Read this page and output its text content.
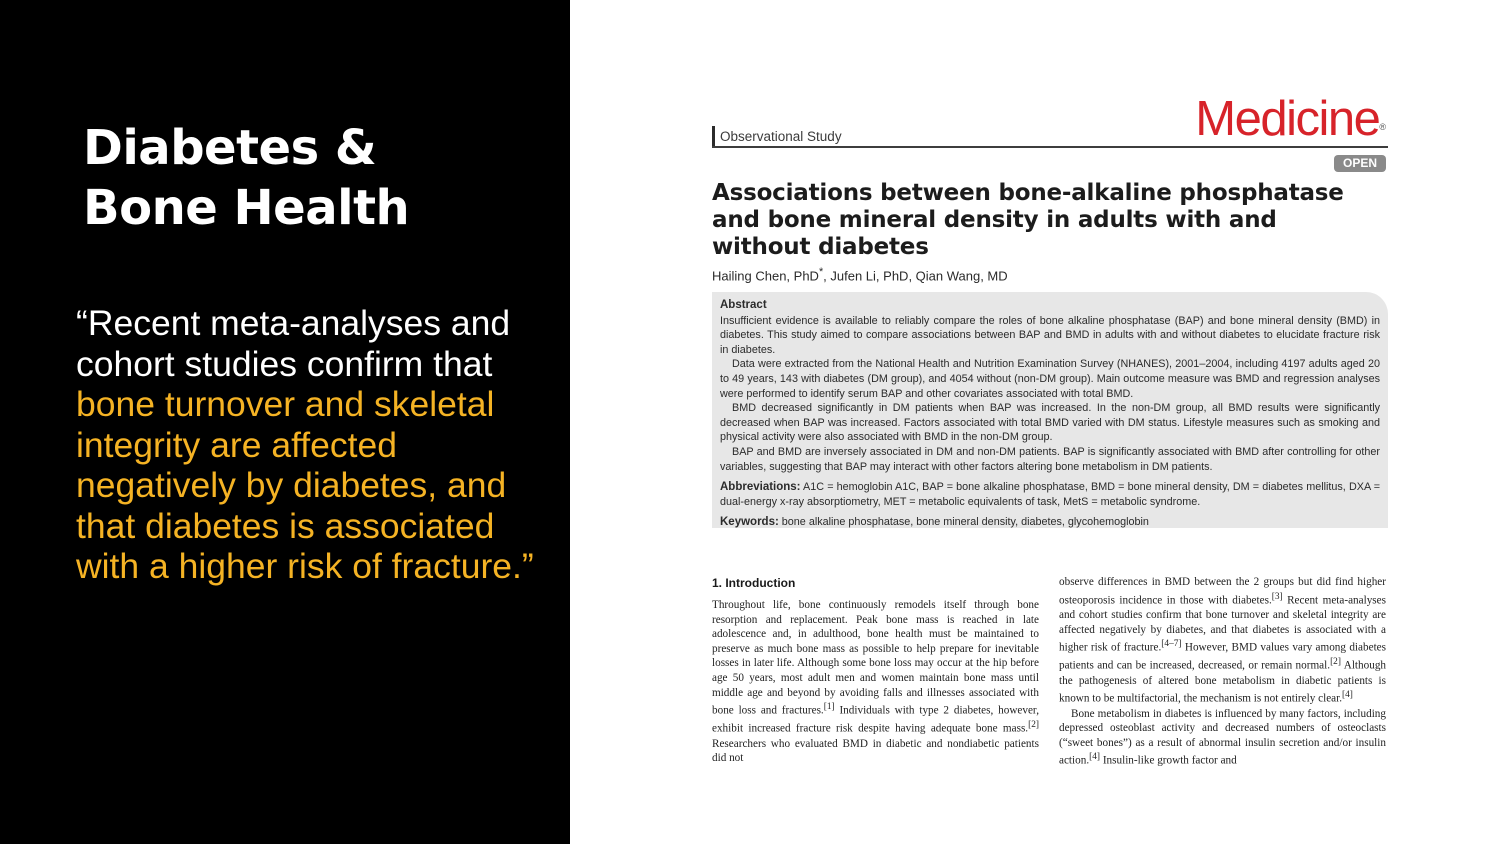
Diabetes &
Bone Health

“Recent meta-analyses and cohort studies confirm that bone turnover and skeletal integrity are affected negatively by diabetes, and that diabetes is associated with a higher risk of fracture.”

Observational Study	Medicine®
OPEN
Associations between bone-alkaline phosphatase and bone mineral density in adults with and without diabetes
Hailing Chen, PhD*, Jufen Li, PhD, Qian Wang, MD
Abstract

Insufficient evidence is available to reliably compare the roles of bone alkaline phosphatase (BAP) and bone mineral density (BMD) in diabetes. This study aimed to compare associations between BAP and BMD in adults with and without diabetes to elucidate fracture risk in diabetes.

Data were extracted from the National Health and Nutrition Examination Survey (NHANES), 2001–2004, including 4197 adults aged 20 to 49 years, 143 with diabetes (DM group), and 4054 without (non-DM group). Main outcome measure was BMD and regression analyses were performed to identify serum BAP and other covariates associated with total BMD.

BMD decreased significantly in DM patients when BAP was increased. In the non-DM group, all BMD results were significantly decreased when BAP was increased. Factors associated with total BMD varied with DM status. Lifestyle measures such as smoking and physical activity were also associated with BMD in the non-DM group.

BAP and BMD are inversely associated in DM and non-DM patients. BAP is significantly associated with BMD after controlling for other variables, suggesting that BAP may interact with other factors altering bone metabolism in DM patients.

Abbreviations: A1C = hemoglobin A1C, BAP = bone alkaline phosphatase, BMD = bone mineral density, DM = diabetes mellitus, DXA = dual-energy x-ray absorptiometry, MET = metabolic equivalents of task, MetS = metabolic syndrome.

Keywords: bone alkaline phosphatase, bone mineral density, diabetes, glycohemoglobin

1. Introduction

Throughout life, bone continuously remodels itself through bone resorption and replacement. Peak bone mass is reached in late adolescence and, in adulthood, bone health must be maintained to preserve as much bone mass as possible to help prepare for inevitable losses in later life. Although some bone loss may occur at the hip before age 50 years, most adult men and women maintain bone mass until middle age and beyond by avoiding falls and illnesses associated with bone loss and fractures.[1] Individuals with type 2 diabetes, however, exhibit increased fracture risk despite having adequate bone mass.[2] Researchers who evaluated BMD in diabetic and nondiabetic patients did not

observe differences in BMD between the 2 groups but did find higher osteoporosis incidence in those with diabetes.[3] Recent meta-analyses and cohort studies confirm that bone turnover and skeletal integrity are affected negatively by diabetes, and that diabetes is associated with a higher risk of fracture.[4–7] However, BMD values vary among diabetes patients and can be increased, decreased, or remain normal.[2] Although the pathogenesis of altered bone metabolism in diabetic patients is known to be multifactorial, the mechanism is not entirely clear.[4]

Bone metabolism in diabetes is influenced by many factors, including depressed osteoblast activity and decreased numbers of osteoclasts (“sweet bones”) as a result of abnormal insulin secretion and/or insulin action.[4] Insulin-like growth factor and
